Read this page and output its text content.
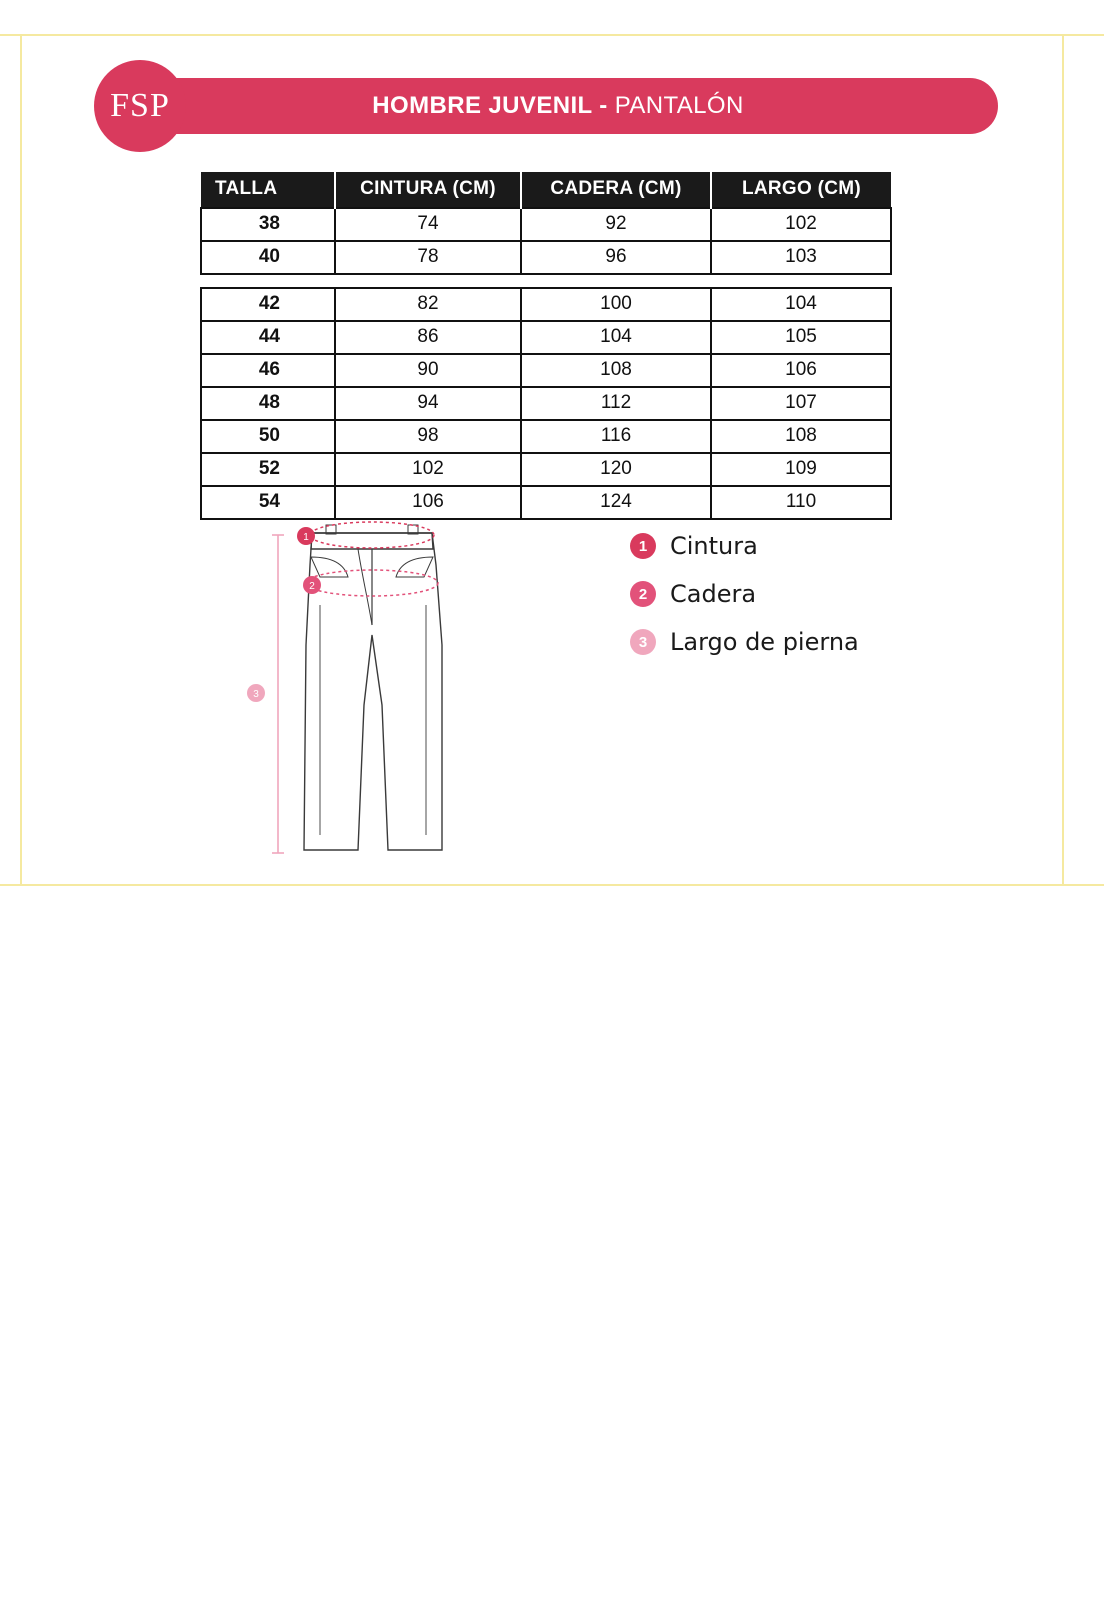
HOMBRE JUVENIL - PANTALÓN
FSP
TALLA	CINTURA (CM)	CADERA (CM)	LARGO (CM)
38	74	92	102
40	78	96	103

42	82	100	104
44	86	104	105
46	90	108	106
48	94	112	107
50	98	116	108
52	102	120	109
54	106	124	110
3
1
2
1 Cintura
2 Cadera
3 Largo de pierna
